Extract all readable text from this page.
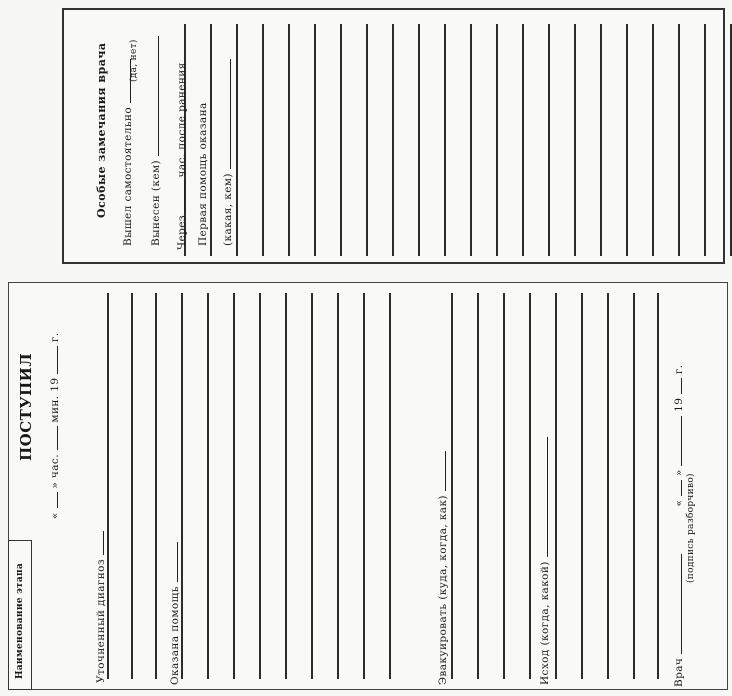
Особые замечания врача Вышел самостоятельно
(да, нет)
Вынесен (кем) Через  час. после ранения Первая помощь оказана (какая, кем)
ПОСТУПИЛ
«  » час.  мин. 19  г.
Уточненный диагноз	Оказана помощь	Эвакуировать (куда, когда, как)	Исход (когда, какой)	Врач   «  »  19  г.
(подпись разборчиво)
Наименование этапа
